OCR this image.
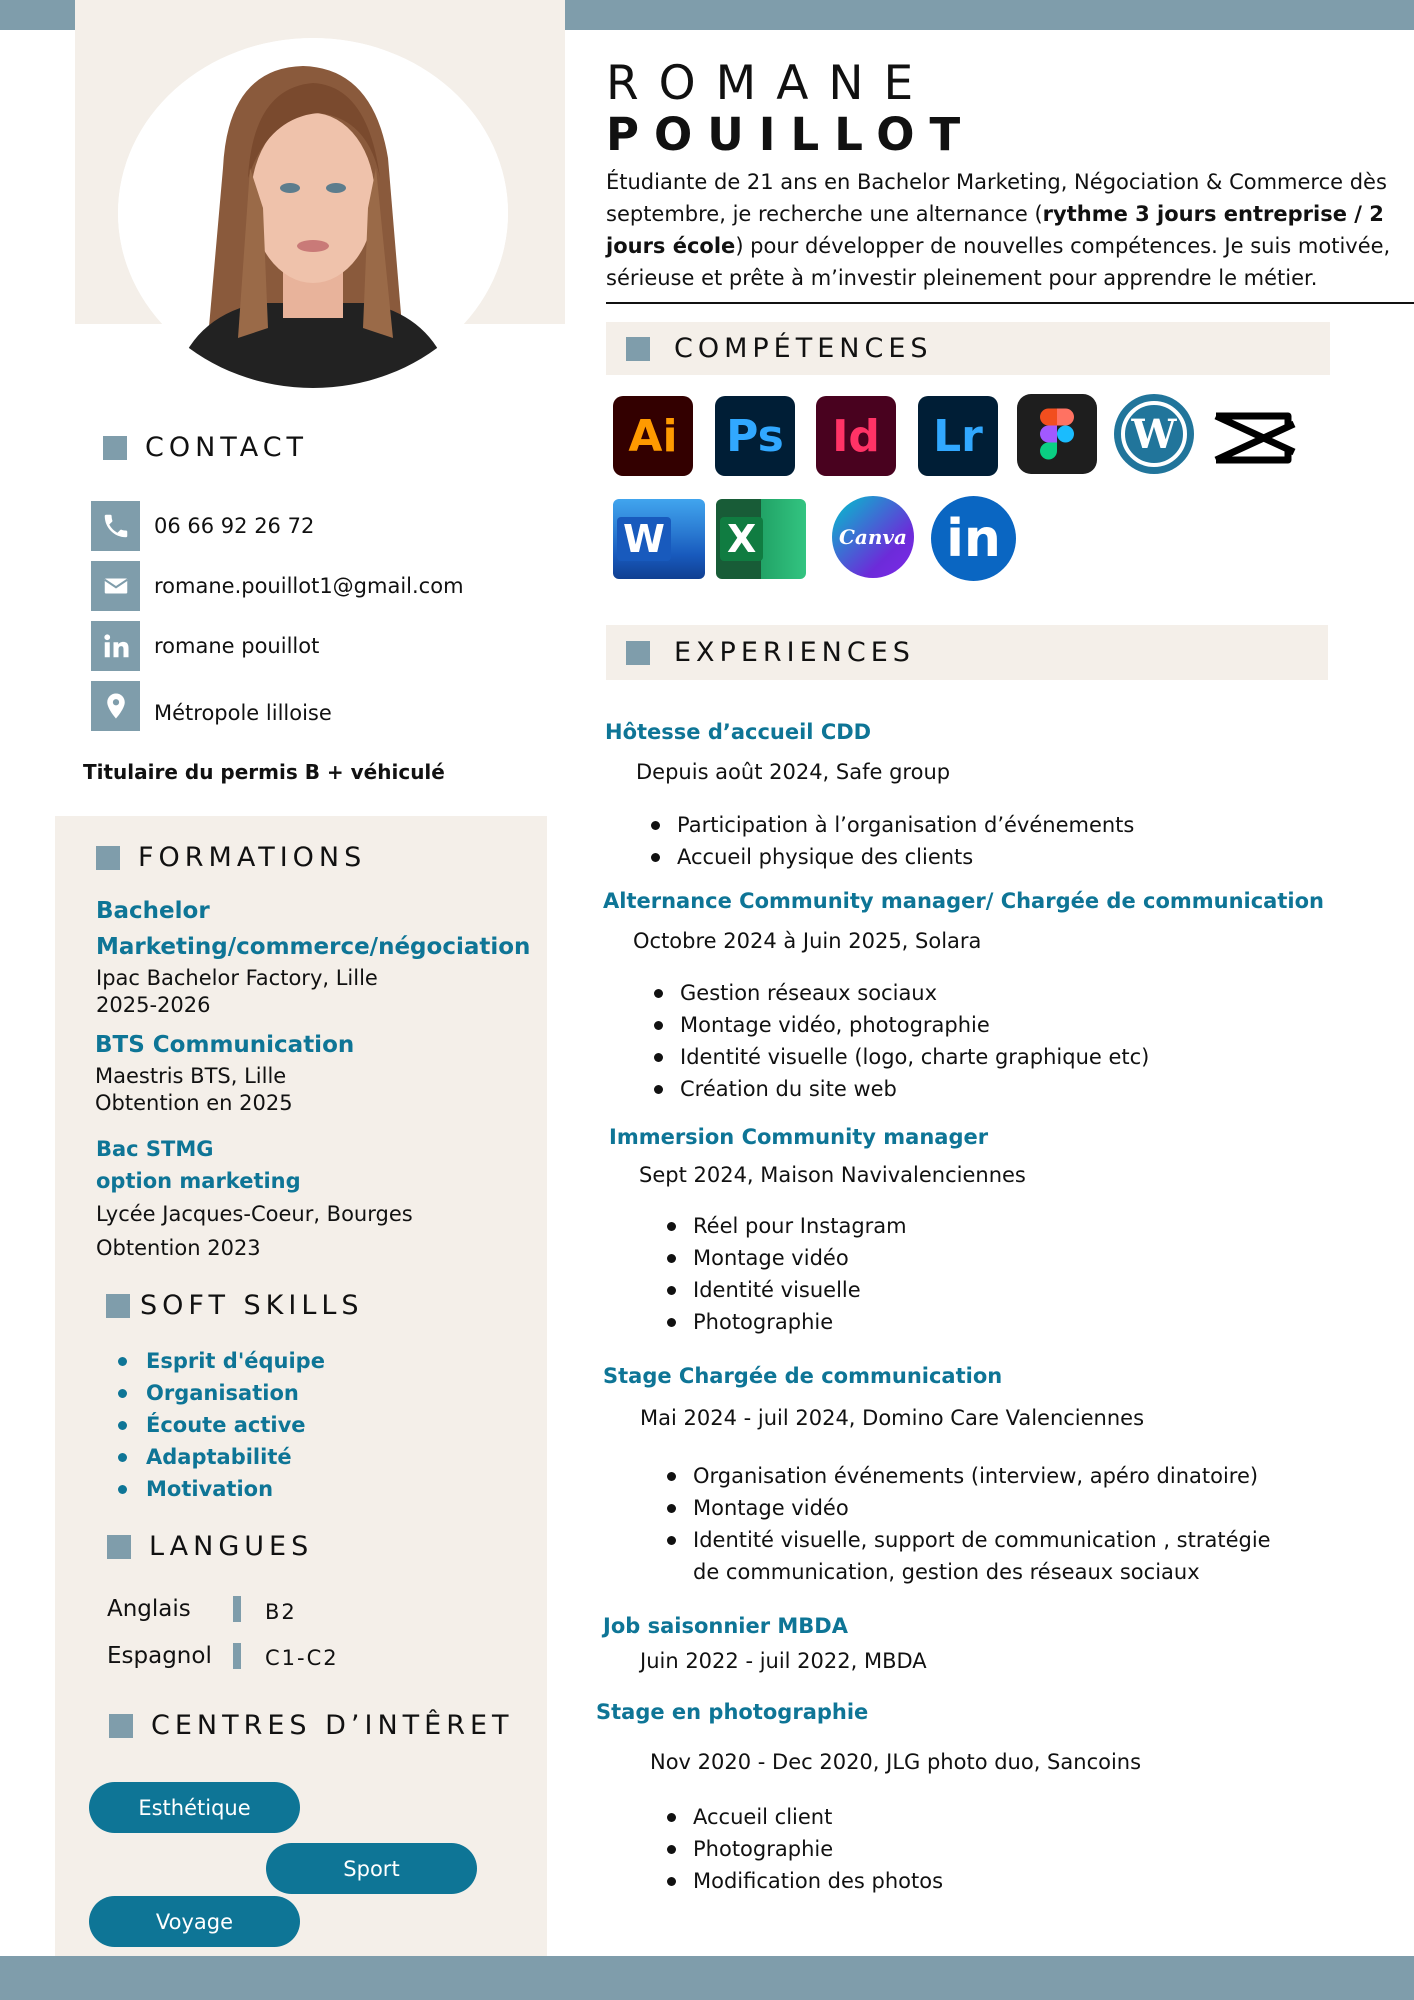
CONTACT
06 66 92 26 72
romane.pouillot1@gmail.com
romane pouillot
Métropole lilloise
Titulaire du permis B + véhiculé
FORMATIONS
Bachelor
Marketing/commerce/négociation
Ipac Bachelor Factory, Lille
2025-2026
BTS Communication
Maestris BTS, Lille
Obtention en 2025
Bac STMG
option marketing
Lycée Jacques-Coeur, Bourges
Obtention 2023
SOFT SKILLS
Esprit d'équipe
Organisation
Écoute active
Adaptabilité
Motivation
LANGUES
Anglais	B2
Espagnol	C1-C2
CENTRES D’INTÊRET
Esthétique
Sport
Voyage
ROMANE
POUILLOT
Étudiante de 21 ans en Bachelor Marketing, Négociation & Commerce dès septembre, je recherche une alternance (rythme 3 jours entreprise / 2 jours école) pour développer de nouvelles compétences. Je suis motivée, sérieuse et prête à m’investir pleinement pour apprendre le métier.
COMPÉTENCES
Ai Ps Id Lr	W
W X	Canva in
EXPERIENCES
Hôtesse d’accueil CDD
Depuis août 2024, Safe group
Participation à l’organisation d’événements
Accueil physique des clients
Alternance Community manager/ Chargée de communication
Octobre 2024 à Juin 2025, Solara
Gestion réseaux sociaux
Montage vidéo, photographie
Identité visuelle (logo, charte graphique etc)
Création du site web
Immersion Community manager
Sept 2024, Maison Navivalenciennes
Réel pour Instagram
Montage vidéo
Identité visuelle
Photographie
Stage Chargée de communication
Mai 2024 - juil 2024, Domino Care Valenciennes
Organisation événements (interview, apéro dinatoire)
Montage vidéo
Identité visuelle, support de communication , stratégie
de communication, gestion des réseaux sociaux
Job saisonnier MBDA
Juin 2022 - juil 2022, MBDA
Stage en photographie
Nov 2020 - Dec 2020, JLG photo duo, Sancoins
Accueil client
Photographie
Modification des photos
